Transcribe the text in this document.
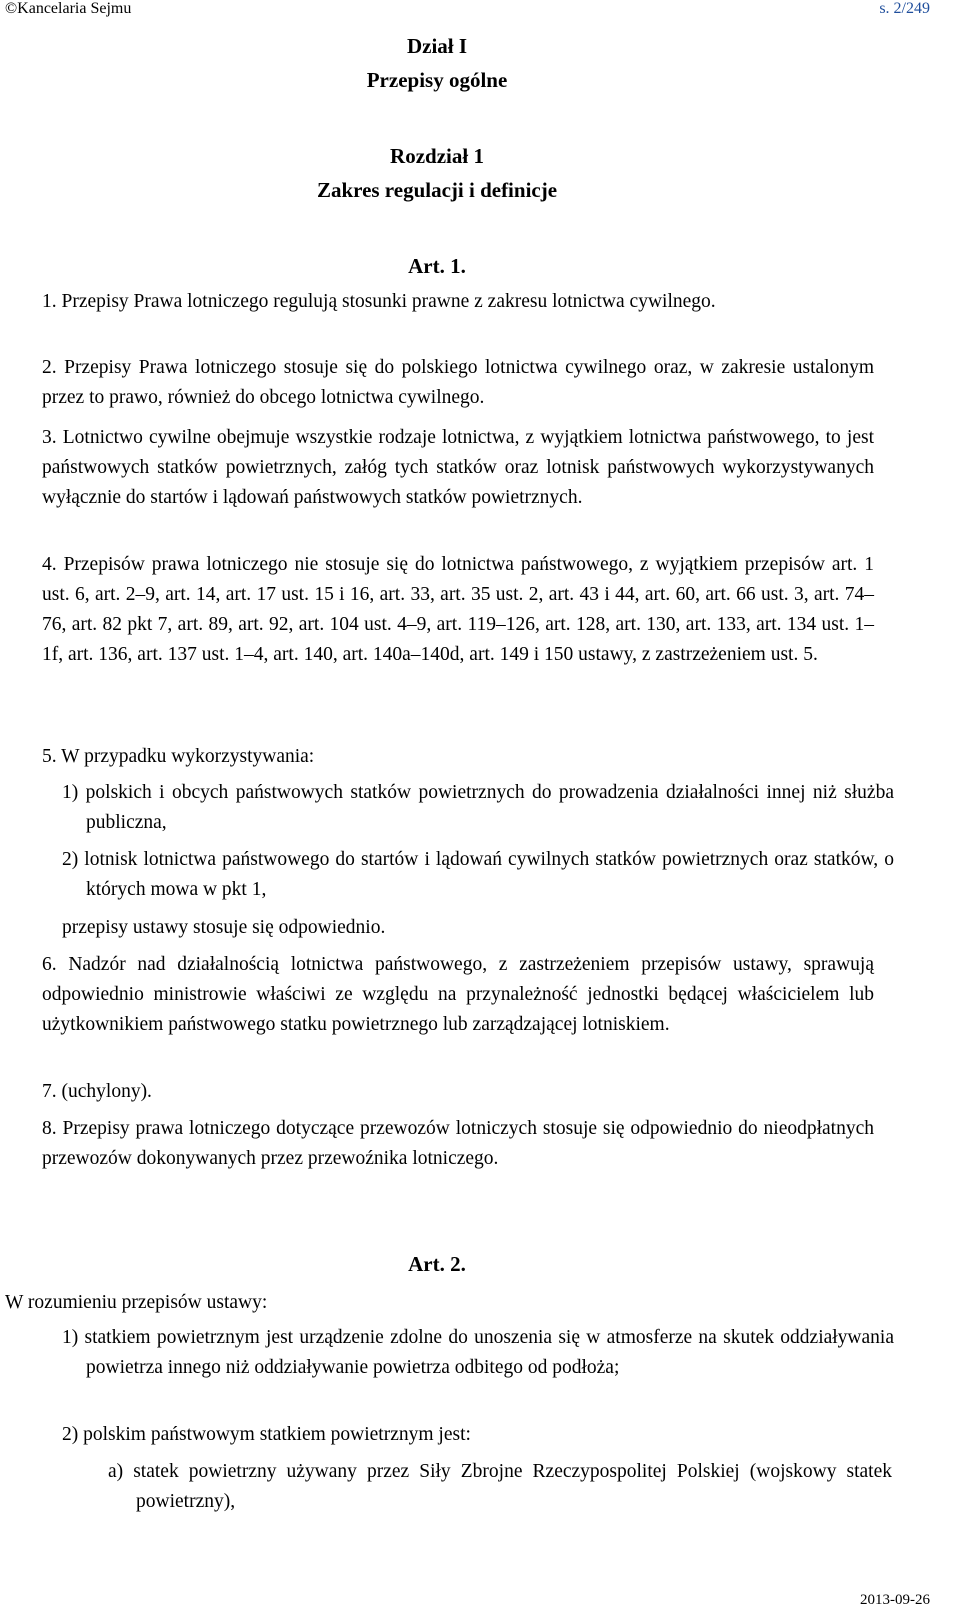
©Kancelaria Sejmu	s. 2/249
Dział I
Przepisy ogólne
Rozdział 1
Zakres regulacji i definicje
Art. 1.
1. Przepisy Prawa lotniczego regulują stosunki prawne z zakresu lotnictwa cywilnego.
2. Przepisy Prawa lotniczego stosuje się do polskiego lotnictwa cywilnego oraz, w zakresie ustalonym przez to prawo, również do obcego lotnictwa cywilnego.
3. Lotnictwo cywilne obejmuje wszystkie rodzaje lotnictwa, z wyjątkiem lotnictwa państwowego, to jest państwowych statków powietrznych, załóg tych statków oraz lotnisk państwowych wykorzystywanych wyłącznie do startów i lądowań państwowych statków powietrznych.
4. Przepisów prawa lotniczego nie stosuje się do lotnictwa państwowego, z wyjątkiem przepisów art. 1 ust. 6, art. 2–9, art. 14, art. 17 ust. 15 i 16, art. 33, art. 35 ust. 2, art. 43 i 44, art. 60, art. 66 ust. 3, art. 74–76, art. 82 pkt 7, art. 89, art. 92, art. 104 ust. 4–9, art. 119–126, art. 128, art. 130, art. 133, art. 134 ust. 1–1f, art. 136, art. 137 ust. 1–4, art. 140, art. 140a–140d, art. 149 i 150 ustawy, z zastrzeżeniem ust. 5.
5. W przypadku wykorzystywania:
1) polskich i obcych państwowych statków powietrznych do prowadzenia działalności innej niż służba publiczna,
2) lotnisk lotnictwa państwowego do startów i lądowań cywilnych statków powietrznych oraz statków, o których mowa w pkt 1,
przepisy ustawy stosuje się odpowiednio.
6. Nadzór nad działalnością lotnictwa państwowego, z zastrzeżeniem przepisów ustawy, sprawują odpowiednio ministrowie właściwi ze względu na przynależność jednostki będącej właścicielem lub użytkownikiem państwowego statku powietrznego lub zarządzającej lotniskiem.
7. (uchylony).
8. Przepisy prawa lotniczego dotyczące przewozów lotniczych stosuje się odpowiednio do nieodpłatnych przewozów dokonywanych przez przewoźnika lotniczego.
Art. 2.
W rozumieniu przepisów ustawy:
1) statkiem powietrznym jest urządzenie zdolne do unoszenia się w atmosferze na skutek oddziaływania powietrza innego niż oddziaływanie powietrza odbitego od podłoża;
2) polskim państwowym statkiem powietrznym jest:
a) statek powietrzny używany przez Siły Zbrojne Rzeczypospolitej Polskiej (wojskowy statek powietrzny),
2013-09-26
